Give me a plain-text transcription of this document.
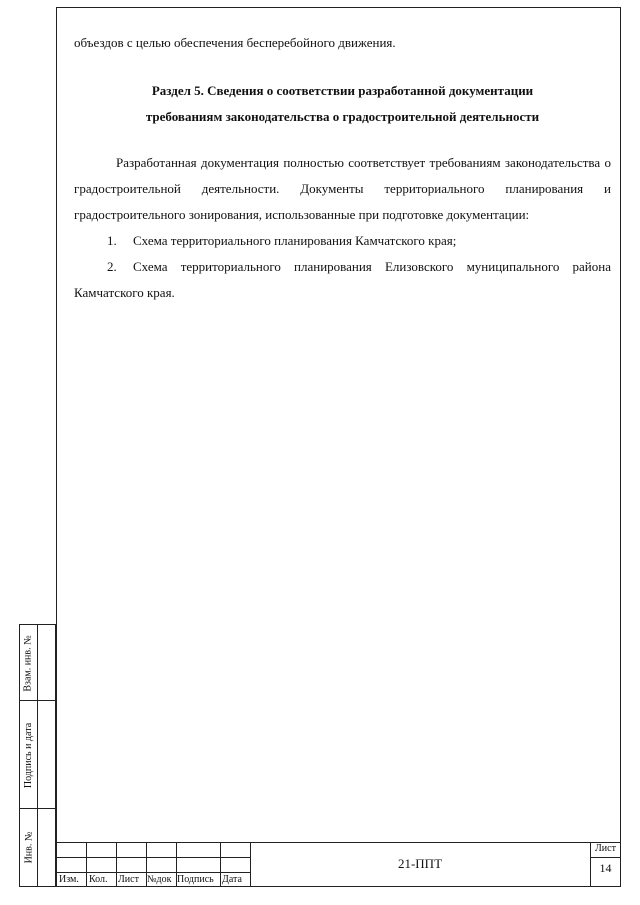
объездов с целью обеспечения бесперебойного движения.

Раздел 5. Сведения о соответствии разработанной документации
требованиям законодательства о градостроительной деятельности

Разработанная документация полностью соответствует требованиям законодательства о градостроительной деятельности. Документы территориального планирования и градостроительного зонирования, использованные при подготовке документации:

1. Схема территориального планирования Камчатского края;

2. Схема территориального планирования Елизовского муниципального района Камчатского края.

Взам. инв. №
Подпись и дата
Инв. №
Изм. Кол. Лист №док Подпись Дата
21-ППТ
Лист
14
